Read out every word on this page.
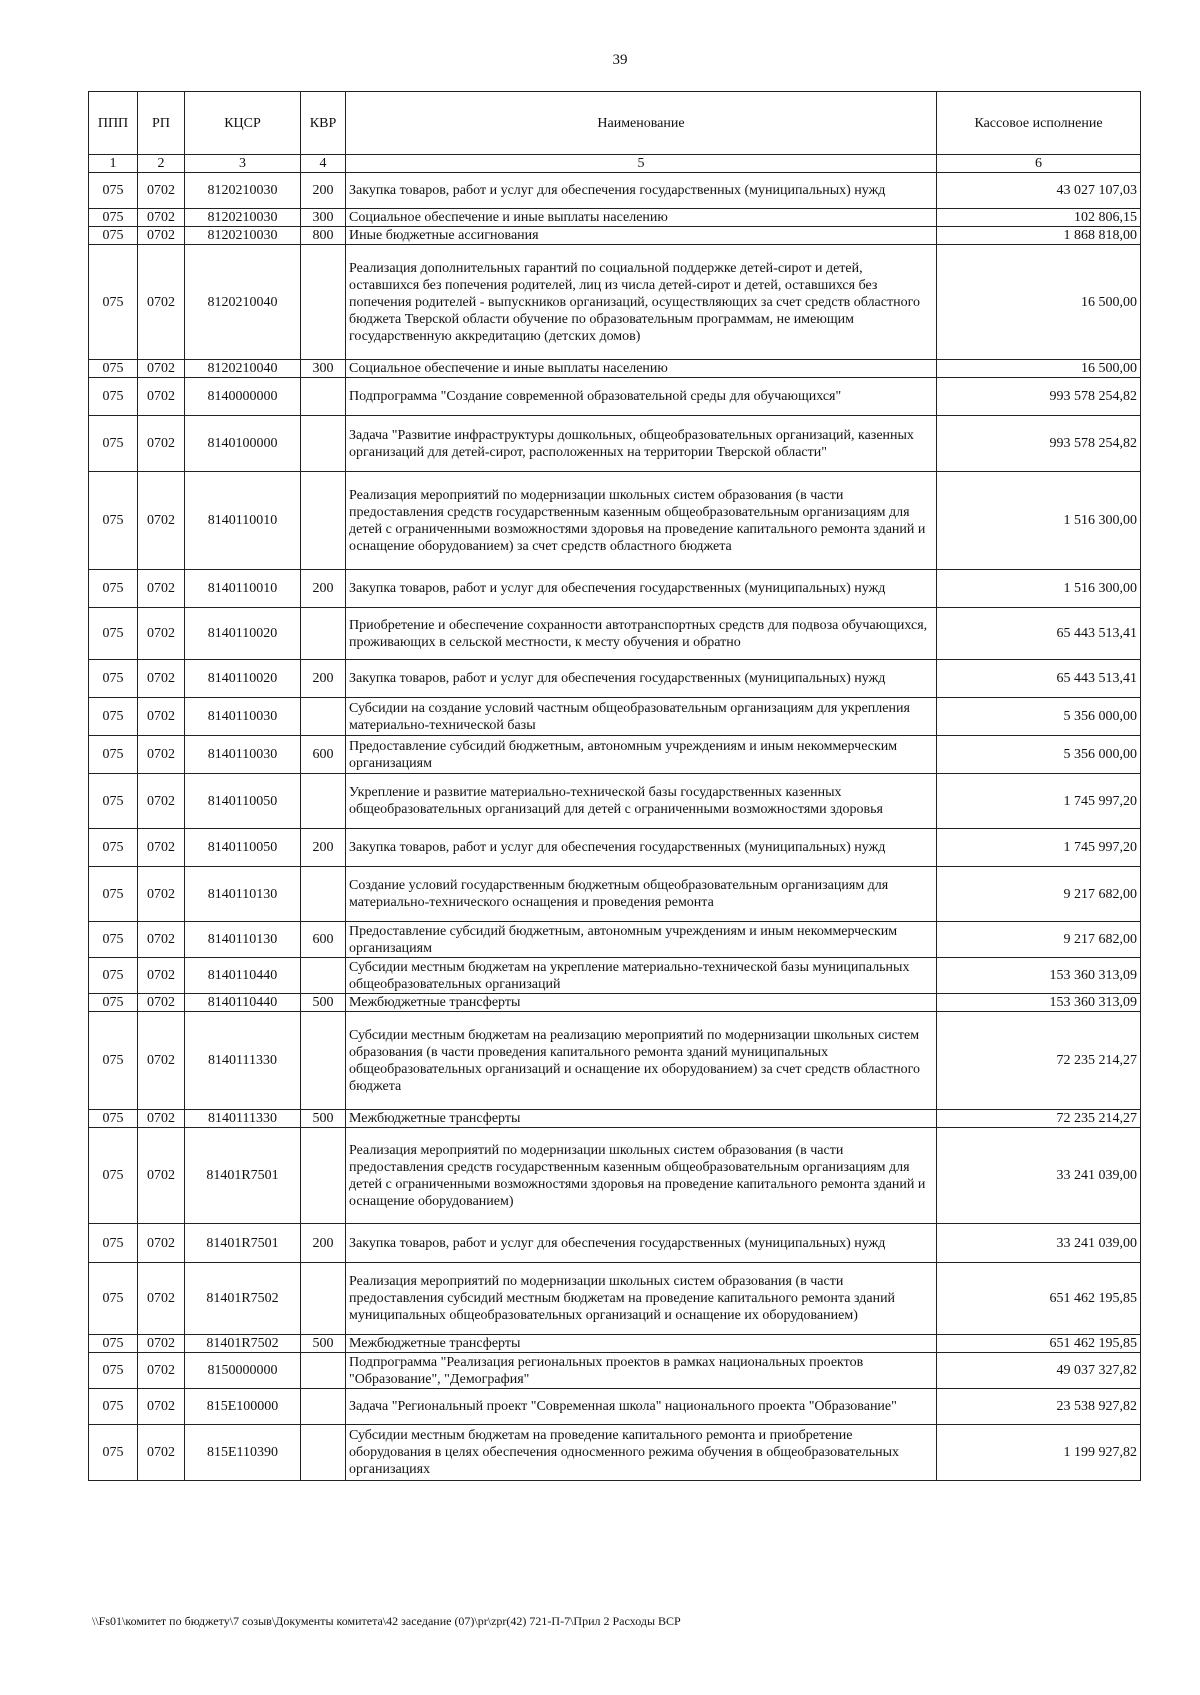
39
ППП	РП	КЦСР	КВР	Наименование	Кассовое исполнение
1	2	3	4	5	6
075	0702	8120210030	200	Закупка товаров, работ и услуг для обеспечения государственных (муниципальных) нужд	43 027 107,03
075	0702	8120210030	300	Социальное обеспечение и иные выплаты населению	102 806,15
075	0702	8120210030	800	Иные бюджетные ассигнования	1 868 818,00
075	0702	8120210040		Реализация дополнительных гарантий по социальной поддержке детей-сирот и детей, оставшихся без попечения родителей, лиц из числа детей-сирот и детей, оставшихся без попечения родителей - выпускников организаций, осуществляющих за счет средств областного бюджета Тверской области обучение по образовательным программам, не имеющим государственную аккредитацию (детских домов)	16 500,00
075	0702	8120210040	300	Социальное обеспечение и иные выплаты населению	16 500,00
075	0702	8140000000		Подпрограмма "Создание современной образовательной среды для обучающихся"	993 578 254,82
075	0702	8140100000		Задача "Развитие инфраструктуры дошкольных, общеобразовательных организаций, казенных организаций для детей-сирот, расположенных на территории Тверской области"	993 578 254,82
075	0702	8140110010		Реализация мероприятий по модернизации школьных систем образования (в части предоставления средств государственным казенным общеобразовательным организациям для детей с ограниченными возможностями здоровья на проведение капитального ремонта зданий и оснащение оборудованием) за счет средств областного бюджета	1 516 300,00
075	0702	8140110010	200	Закупка товаров, работ и услуг для обеспечения государственных (муниципальных) нужд	1 516 300,00
075	0702	8140110020		Приобретение и обеспечение сохранности автотранспортных средств для подвоза обучающихся, проживающих в сельской местности, к месту обучения и обратно	65 443 513,41
075	0702	8140110020	200	Закупка товаров, работ и услуг для обеспечения государственных (муниципальных) нужд	65 443 513,41
075	0702	8140110030		Субсидии на создание условий частным общеобразовательным организациям для укрепления материально-технической базы	5 356 000,00
075	0702	8140110030	600	Предоставление субсидий бюджетным, автономным учреждениям и иным некоммерческим организациям	5 356 000,00
075	0702	8140110050		Укрепление и развитие материально-технической базы государственных казенных общеобразовательных организаций для детей с ограниченными возможностями здоровья	1 745 997,20
075	0702	8140110050	200	Закупка товаров, работ и услуг для обеспечения государственных (муниципальных) нужд	1 745 997,20
075	0702	8140110130		Создание условий государственным бюджетным общеобразовательным организациям для материально-технического оснащения и проведения ремонта	9 217 682,00
075	0702	8140110130	600	Предоставление субсидий бюджетным, автономным учреждениям и иным некоммерческим организациям	9 217 682,00
075	0702	8140110440		Субсидии местным бюджетам на укрепление материально-технической базы муниципальных общеобразовательных организаций	153 360 313,09
075	0702	8140110440	500	Межбюджетные трансферты	153 360 313,09
075	0702	8140111330		Субсидии местным бюджетам на реализацию мероприятий по модернизации школьных систем образования (в части проведения капитального ремонта зданий муниципальных общеобразовательных организаций и оснащение их оборудованием) за счет средств областного бюджета	72 235 214,27
075	0702	8140111330	500	Межбюджетные трансферты	72 235 214,27
075	0702	81401R7501		Реализация мероприятий по модернизации школьных систем образования (в части предоставления средств государственным казенным общеобразовательным организациям для детей с ограниченными возможностями здоровья на проведение капитального ремонта зданий и оснащение оборудованием)	33 241 039,00
075	0702	81401R7501	200	Закупка товаров, работ и услуг для обеспечения государственных (муниципальных) нужд	33 241 039,00
075	0702	81401R7502		Реализация мероприятий по модернизации школьных систем образования (в части предоставления субсидий местным бюджетам на проведение капитального ремонта зданий муниципальных общеобразовательных организаций и оснащение их оборудованием)	651 462 195,85
075	0702	81401R7502	500	Межбюджетные трансферты	651 462 195,85
075	0702	8150000000		Подпрограмма "Реализация региональных проектов в рамках национальных проектов "Образование", "Демография"	49 037 327,82
075	0702	815E100000		Задача "Региональный проект "Современная школа" национального проекта "Образование"	23 538 927,82
075	0702	815E110390		Субсидии местным бюджетам на проведение капитального ремонта и приобретение оборудования в целях обеспечения односменного режима обучения в общеобразовательных организациях	1 199 927,82
\\Fs01\комитет по бюджету\7 созыв\Документы комитета\42 заседание (07)\pr\zpr(42) 721-П-7\Прил 2 Расходы ВСР
